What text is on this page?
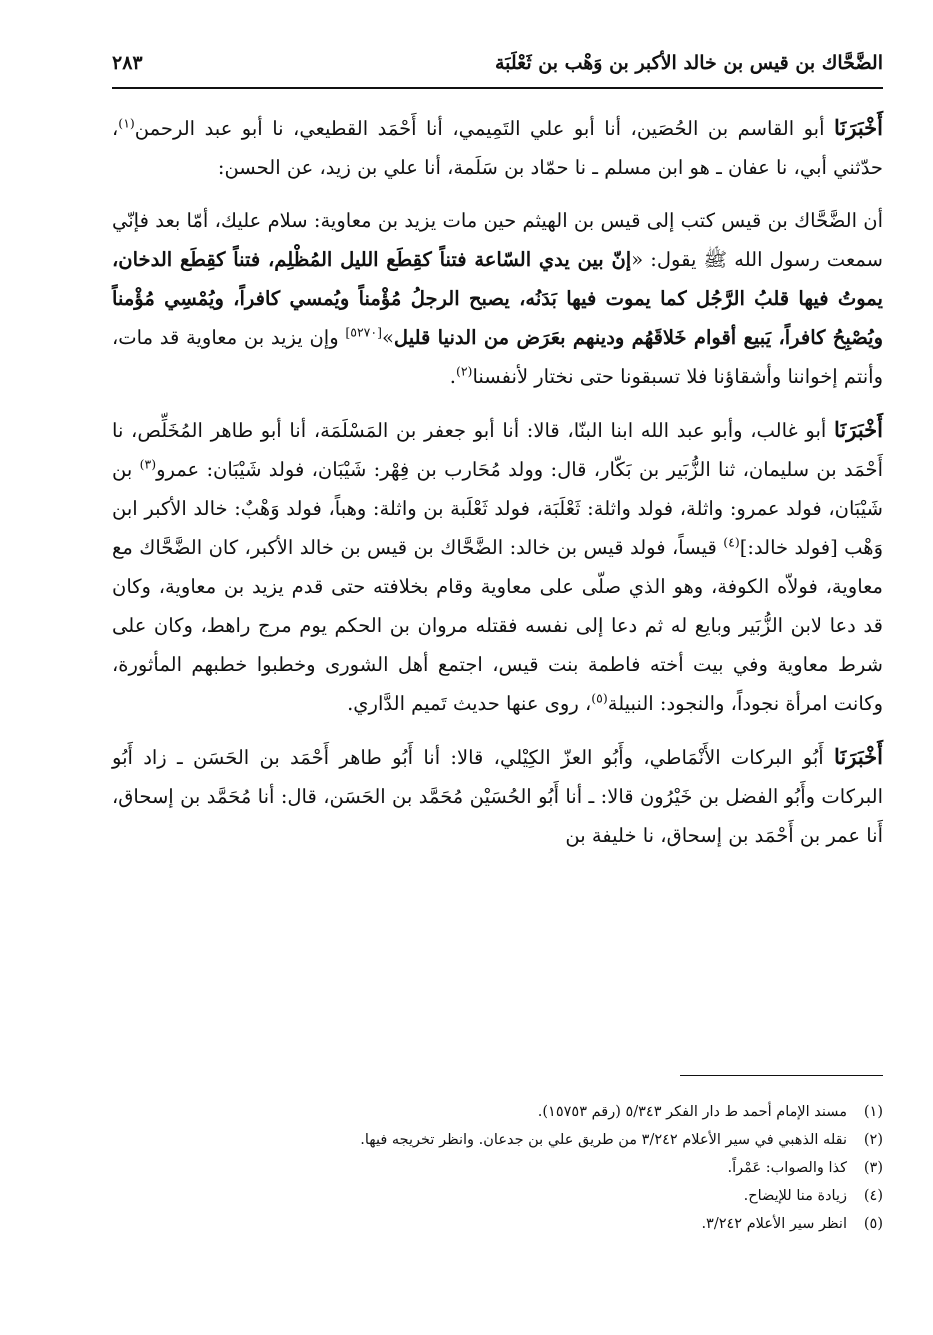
الضَّحَّاك بن قيس بن خالد الأكبر بن وَهْب بن ثَعْلَبَة
٢٨٣

أَخْبَرَنَا أبو القاسم بن الحُصَين، أنا أبو علي التَمِيمي، أنا أَحْمَد القطيعي، نا أبو عبد الرحمن$^{(١)}$، حدّثني أبي، نا عفان ـ هو ابن مسلم ـ نا حمّاد بن سَلَمة، أنا علي بن زيد، عن الحسن:

أن الضَّحَّاك بن قيس كتب إلى قيس بن الهيثم حين مات يزيد بن معاوية: سلام عليك، أمّا بعد فإنّي سمعت رسول الله ﷺ يقول: «إنّ بين يدي السّاعة فتناً كقِطَع الليل المُظْلِم، فتناً كقِطَع الدخان، يموتُ فيها قلبُ الرَّجُل كما يموت فيها بَدَنُه، يصبح الرجلُ مُؤْمناً ويُمسي كافراً، ويُمْسِي مُؤْمناً ويُصْبِحُ كافراً، يَبيع أقوام خَلاقَهُم ودينهم بعَرَض من الدنيا قليل»[٥٢٧٠] وإن يزيد بن معاوية قد مات، وأنتم إخواننا وأشقاؤنا فلا تسبقونا حتى نختار لأنفسنا$^{(٢)}$.

أَخْبَرَنَا أبو غالب، وأبو عبد الله ابنا البنّا، قالا: أنا أبو جعفر بن المَسْلَمَة، أنا أبو طاهر المُخَلِّص، نا أَحْمَد بن سليمان، ثنا الزُّبَير بن بَكّار، قال: وولد مُحَارب بن فِهْر: شَيْبَان، فولد شَيْبَان: عمرو$^{(٣)}$ بن شَيْبَان، فولد عمرو: واثلة، فولد واثلة: ثَعْلَبَة، فولد ثَعْلَبة بن واثلة: وهباً، فولد وَهْبٌ: خالد الأكبر ابن وَهْب [فولد خالد:]$^{(٤)}$ قيساً، فولد قيس بن خالد: الضَّحَّاك بن قيس بن خالد الأكبر، كان الضَّحَّاك مع معاوية، فولاّه الكوفة، وهو الذي صلّى على معاوية وقام بخلافته حتى قدم يزيد بن معاوية، وكان قد دعا لابن الزُّبَير وبايع له ثم دعا إلى نفسه فقتله مروان بن الحكم يوم مرج راهط، وكان على شرط معاوية وفي بيت أخته فاطمة بنت قيس، اجتمع أهل الشورى وخطبوا خطبهم المأثورة، وكانت امرأة نجوداً، والنجود: النبيلة$^{(٥)}$، روى عنها حديث تَميم الدَّاري.

أَخْبَرَنَا أَبُو البركات الأَنْمَاطي، وأَبُو العزّ الكِيْلي، قالا: أنا أَبُو طاهر أَحْمَد بن الحَسَن ـ زاد أَبُو البركات وأَبُو الفضل بن خَيْرُون قالا: ـ أنا أَبُو الحُسَيْن مُحَمَّد بن الحَسَن، قال: أنا مُحَمَّد بن إسحاق، أَنا عمر بن أَحْمَد بن إسحاق، نا خليفة بن

(١)مسند الإمام أحمد ط دار الفكر ٥/٣٤٣ (رقم ١٥٧٥٣).
(٢)نقله الذهبي في سير الأعلام ٣/٢٤٢ من طريق علي بن جدعان. وانظر تخريجه فيها.
(٣)كذا والصواب: عَمْراً.
(٤)زيادة منا للإيضاح.
(٥)انظر سير الأعلام ٣/٢٤٢.
